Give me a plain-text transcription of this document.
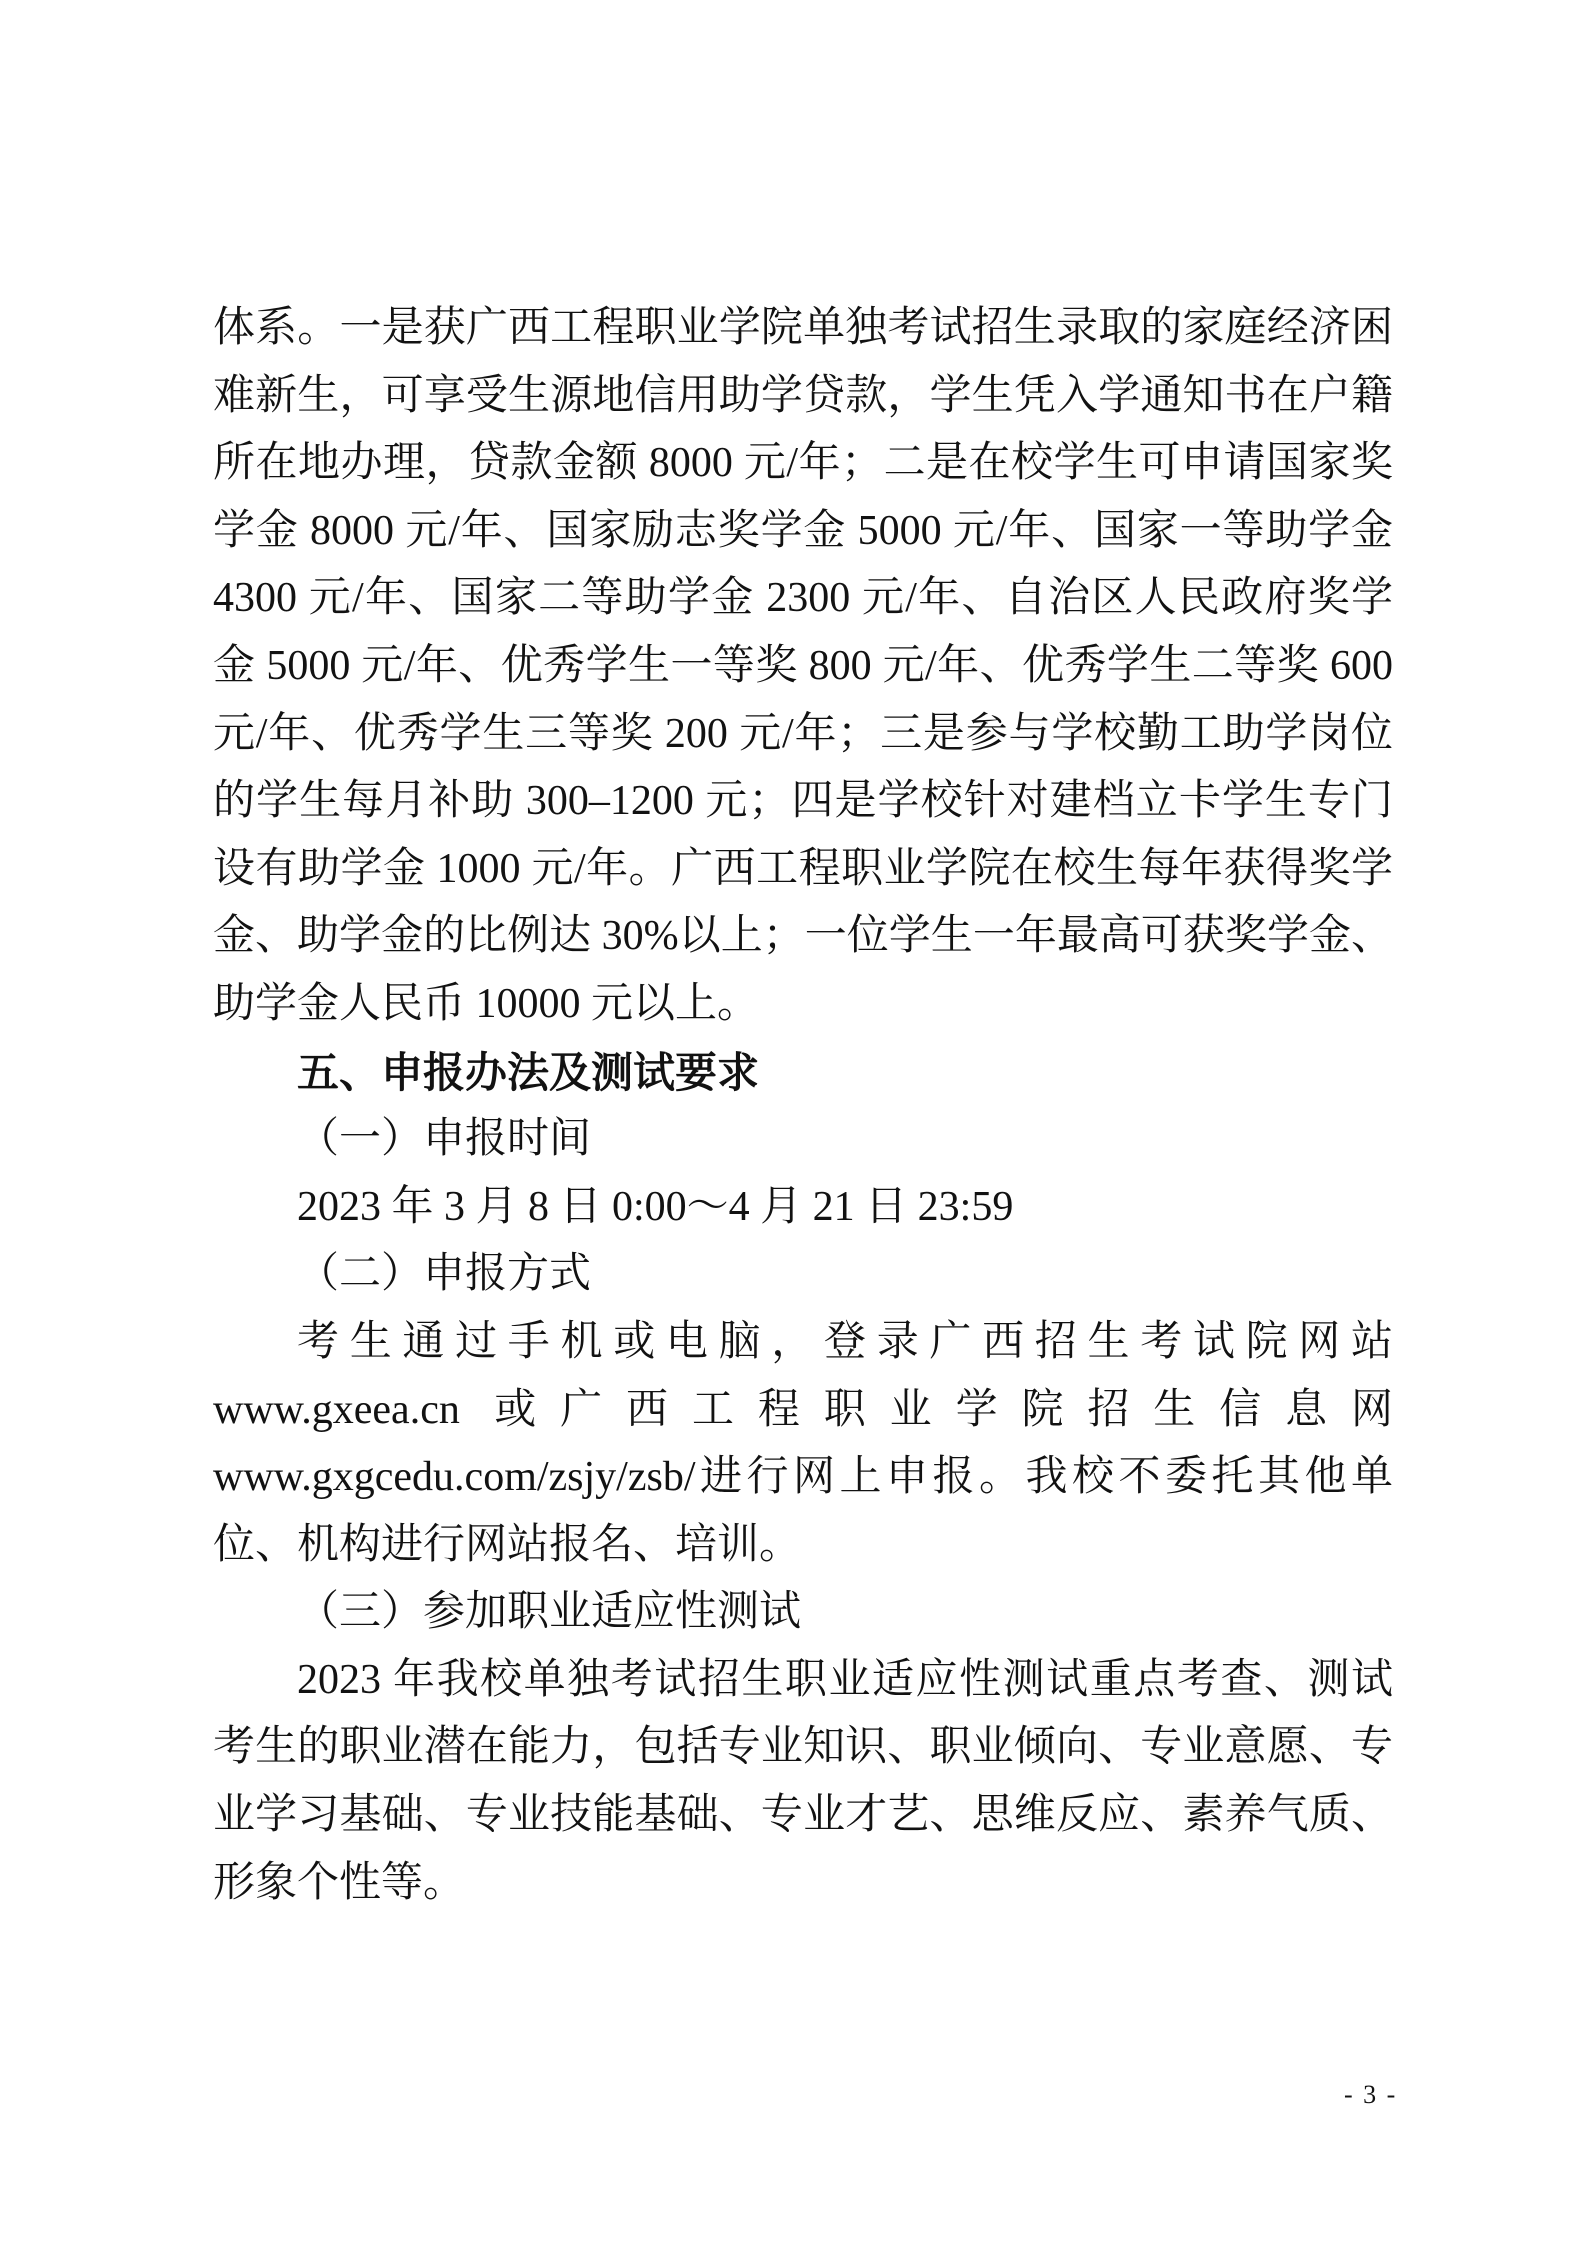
体系。一是获广西工程职业学院单独考试招生录取的家庭经济困
难新生，可享受生源地信用助学贷款，学生凭入学通知书在户籍
所在地办理，贷款金额 8000 元/年；二是在校学生可申请国家奖
学金 8000 元/年、国家励志奖学金 5000 元/年、国家一等助学金
4300 元/年、国家二等助学金 2300 元/年、自治区人民政府奖学
金 5000 元/年、优秀学生一等奖 800 元/年、优秀学生二等奖 600
元/年、优秀学生三等奖 200 元/年；三是参与学校勤工助学岗位
的学生每月补助 300–1200 元；四是学校针对建档立卡学生专门
设有助学金 1000 元/年。广西工程职业学院在校生每年获得奖学
金、助学金的比例达 30%以上；一位学生一年最高可获奖学金、
助学金人民币 10000 元以上。
五、申报办法及测试要求
（一）申报时间
2023 年 3 月 8 日 0:00～4 月 21 日 23:59
（二）申报方式
考生通过手机或电脑，登录广西招生考试院网站
www.gxeea.cn 或广西工程职业学院招生信息网
www.gxgcedu.com/zsjy/zsb/进行网上申报。我校不委托其他单
位、机构进行网站报名、培训。
（三）参加职业适应性测试
2023 年我校单独考试招生职业适应性测试重点考查、测试
考生的职业潜在能力，包括专业知识、职业倾向、专业意愿、专
业学习基础、专业技能基础、专业才艺、思维反应、素养气质、
形象个性等。
- 3 -
